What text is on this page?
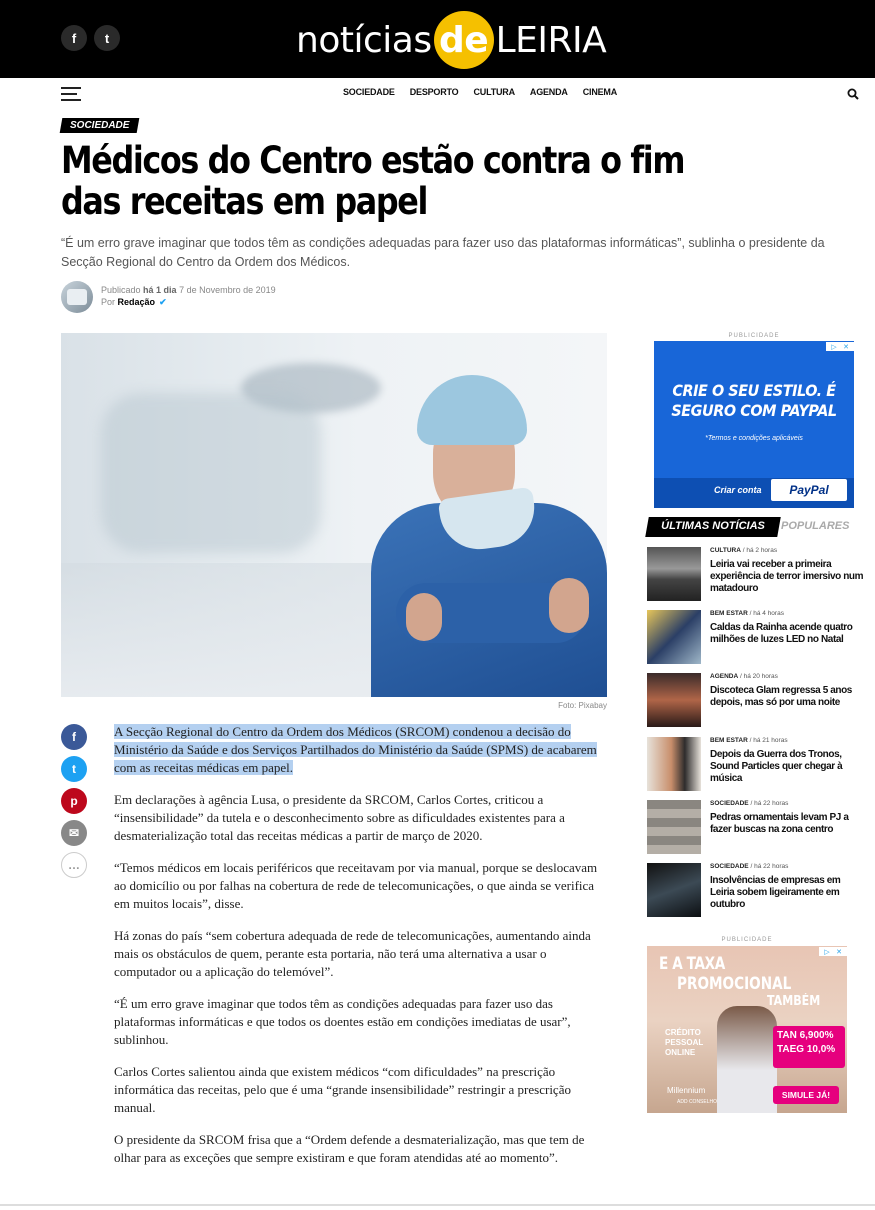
f	t	notícias de LEIRIA
SOCIEDADE DESPORTO CULTURA AGENDA CINEMA
SOCIEDADE
Médicos do Centro estão contra o fim das receitas em papel

“É um erro grave imaginar que todos têm as condições adequadas para fazer uso das plataformas informáticas”, sublinha o presidente da Secção Regional do Centro da Ordem dos Médicos.

Publicado há 1 dia 7 de Novembro de 2019
Por Redação ✔
Foto: Pixabay
f
t
p
✉
…

A Secção Regional do Centro da Ordem dos Médicos (SRCOM) condenou a decisão do Ministério da Saúde e dos Serviços Partilhados do Ministério da Saúde (SPMS) de acabarem com as receitas médicas em papel.

Em declarações à agência Lusa, o presidente da SRCOM, Carlos Cortes, criticou a “insensibilidade” da tutela e o desconhecimento sobre as dificuldades existentes para a desmaterialização total das receitas médicas a partir de março de 2020.

“Temos médicos em locais periféricos que receitavam por via manual, porque se deslocavam ao domicílio ou por falhas na cobertura de rede de telecomunicações, o que ainda se verifica em muitos locais”, disse.

Há zonas do país “sem cobertura adequada de rede de telecomunicações, aumentando ainda mais os obstáculos de quem, perante esta portaria, não terá uma alternativa a usar o computador ou a aplicação do telemóvel”.

“É um erro grave imaginar que todos têm as condições adequadas para fazer uso das plataformas informáticas e que todos os doentes estão em condições imediatas de usar”, sublinhou.

Carlos Cortes salientou ainda que existem médicos “com dificuldades” na prescrição informática das receitas, pelo que é uma “grande insensibilidade” restringir a prescrição manual.

O presidente da SRCOM frisa que a “Ordem defende a desmaterialização, mas que tem de olhar para as exceções que sempre existiram e que foram atendidas até ao momento”.

PUBLICIDADE
▷ ✕
CRIE O SEU ESTILO. É SEGURO COM PAYPAL
*Termos e condições aplicáveis
Criar conta	PayPal
ÚLTIMAS NOTÍCIAS	POPULARES
CULTURA / há 2 horas
Leiria vai receber a primeira experiência de terror imersivo num matadouro
BEM ESTAR / há 4 horas
Caldas da Rainha acende quatro milhões de luzes LED no Natal
AGENDA / há 20 horas
Discoteca Glam regressa 5 anos depois, mas só por uma noite
BEM ESTAR / há 21 horas
Depois da Guerra dos Tronos, Sound Particles quer chegar à música
SOCIEDADE / há 22 horas
Pedras ornamentais levam PJ a fazer buscas na zona centro
SOCIEDADE / há 22 horas
Insolvências de empresas em Leiria sobem ligeiramente em outubro
PUBLICIDADE
▷ ✕
E A TAXA
PROMOCIONAL
TAMBÉM
CRÉDITO PESSOAL ONLINE
TAN 6,900%
TAEG 10,0%
Millennium
ADD CONSELHO
SIMULE JÁ!
